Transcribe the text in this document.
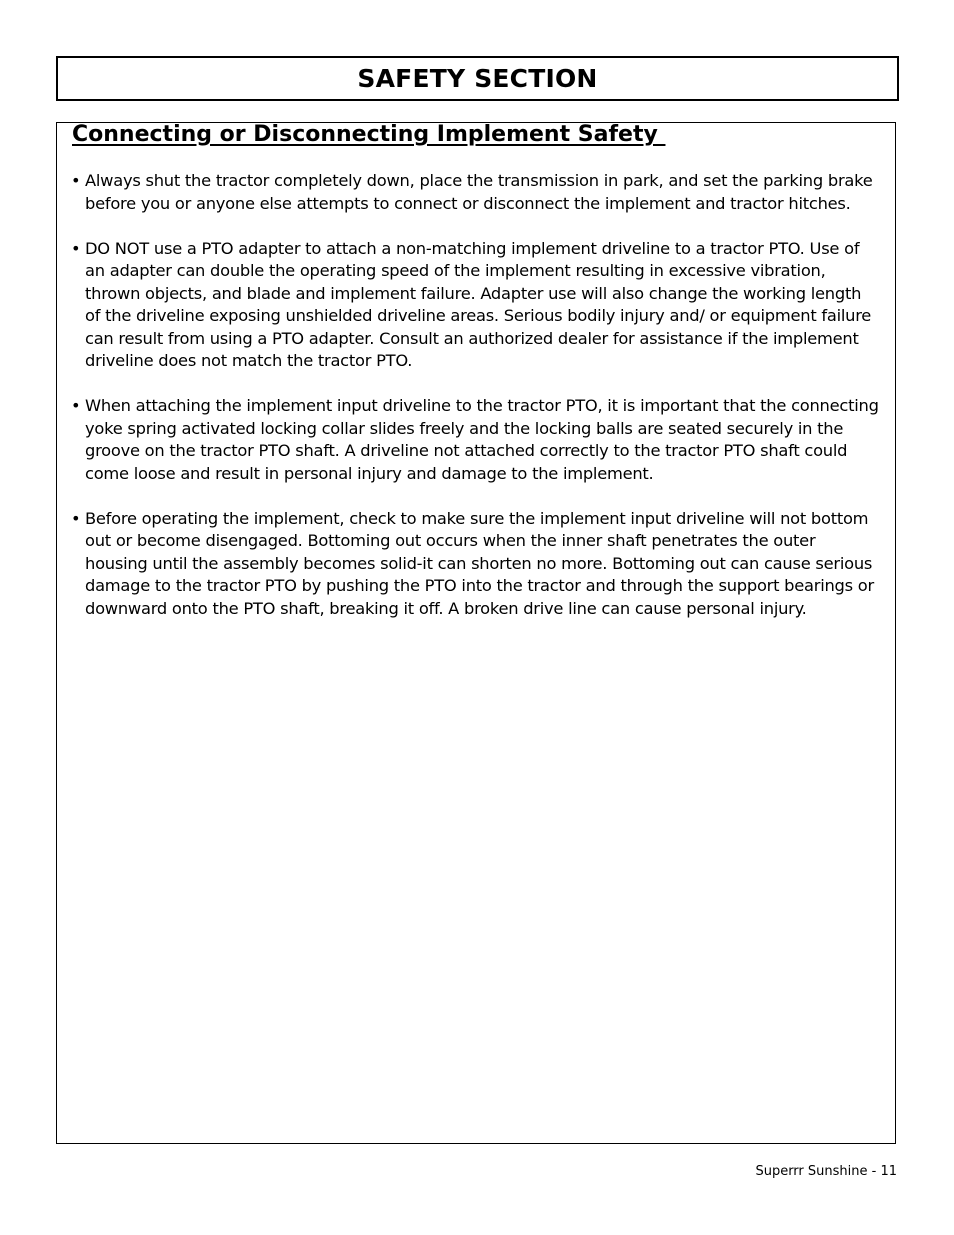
SAFETY SECTION
Connecting or Disconnecting Implement Safety
• Always shut the tractor completely down, place the transmission in park, and set the parking brake before you or anyone else attempts to connect or disconnect the implement and tractor hitches.
• DO NOT use a PTO adapter to attach a non-matching implement driveline to a tractor PTO. Use of an adapter can double the operating speed of the implement resulting in excessive vibration, thrown objects, and blade and implement failure. Adapter use will also change the working length of the driveline exposing unshielded driveline areas. Serious bodily injury and/ or equipment failure can result from using a PTO adapter. Consult an authorized dealer for assistance if the implement driveline does not match the tractor PTO.
• When attaching the implement input driveline to the tractor PTO, it is important that the connecting yoke spring activated locking collar slides freely and the locking balls are seated securely in the groove on the tractor PTO shaft. A driveline not attached correctly to the tractor PTO shaft could come loose and result in personal injury and damage to the implement.
• Before operating the implement, check to make sure the implement input driveline will not bottom out or become disengaged. Bottoming out occurs when the inner shaft penetrates the outer housing until the assembly becomes solid-it can shorten no more. Bottoming out can cause serious damage to the tractor PTO by pushing the PTO into the tractor and through the support bearings or downward onto the PTO shaft, breaking it off. A broken drive line can cause personal injury.
Superrr Sunshine - 11
